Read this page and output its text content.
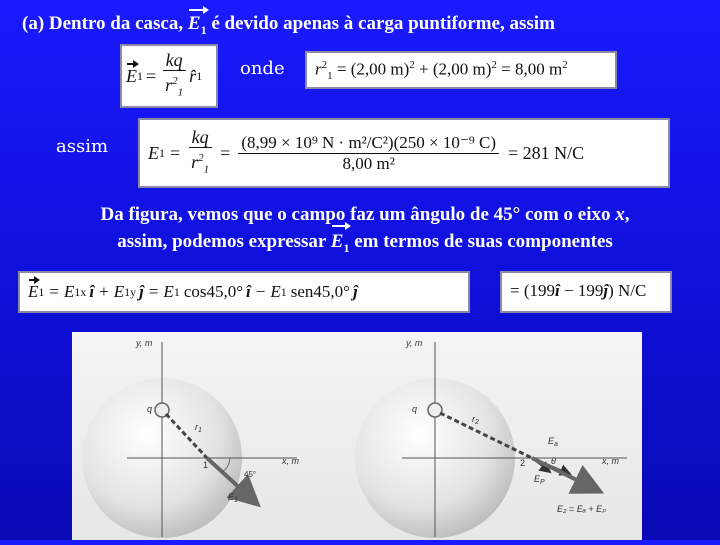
(a) Dentro da casca, $E_1$ é devido apenas à carga puntiforme, assim
E $1 = \frac{kq}{r^2_1}$ r 1 onde	$r^2_1 = (2,00$ m)$^2$ + (2,00 m)$^2$ = 8,00 $m^2$
assim E $1 = \frac{kq}{r^2_1} = \frac{\text{(8,99 × 10⁹ N · m²/C²)(250 × 10⁻⁹ C)}}{\text{8,00 m²}} = 281$ N/C
Da figura, vemos que o campo faz um ângulo de 45° com o eixo x,
assim, podemos expressar $E_1$ em termos de suas componentes
E 1 = E 1x i + E 1y j = E 1 cos45,0° i − E 1 sen45,0° j	= (199i − 199j) N/C
y, m
x, m
q
$r_1$
1
45°
$E_1$
y, m
x, m
q
$r_2$
2
$E_a$
θ
$E_P$
E₂ = Eₐ + Eₚ
